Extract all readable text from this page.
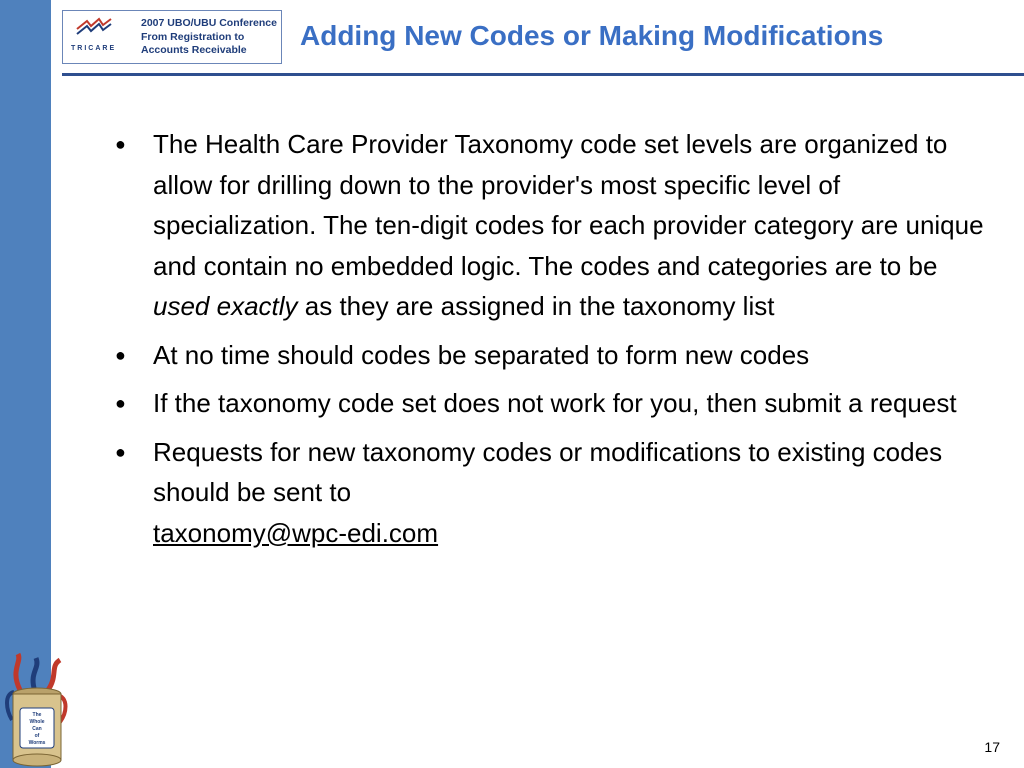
TRICARE
2007 UBO/UBU Conference
From Registration to
Accounts Receivable	Adding New Codes or Making Modifications
● The Health Care Provider Taxonomy code set levels are organized to allow for drilling down to the provider's most specific level of specialization. The ten-digit codes for each provider category are unique and contain no embedded logic. The codes and categories are to be used exactly as they are assigned in the taxonomy list
● At no time should codes be separated to form new codes
● If the taxonomy code set does not work for you, then submit a request
● Requests for new taxonomy codes or modifications to existing codes should be sent to
taxonomy@wpc-edi.com
The
Whole
Can
of
Worms	17
